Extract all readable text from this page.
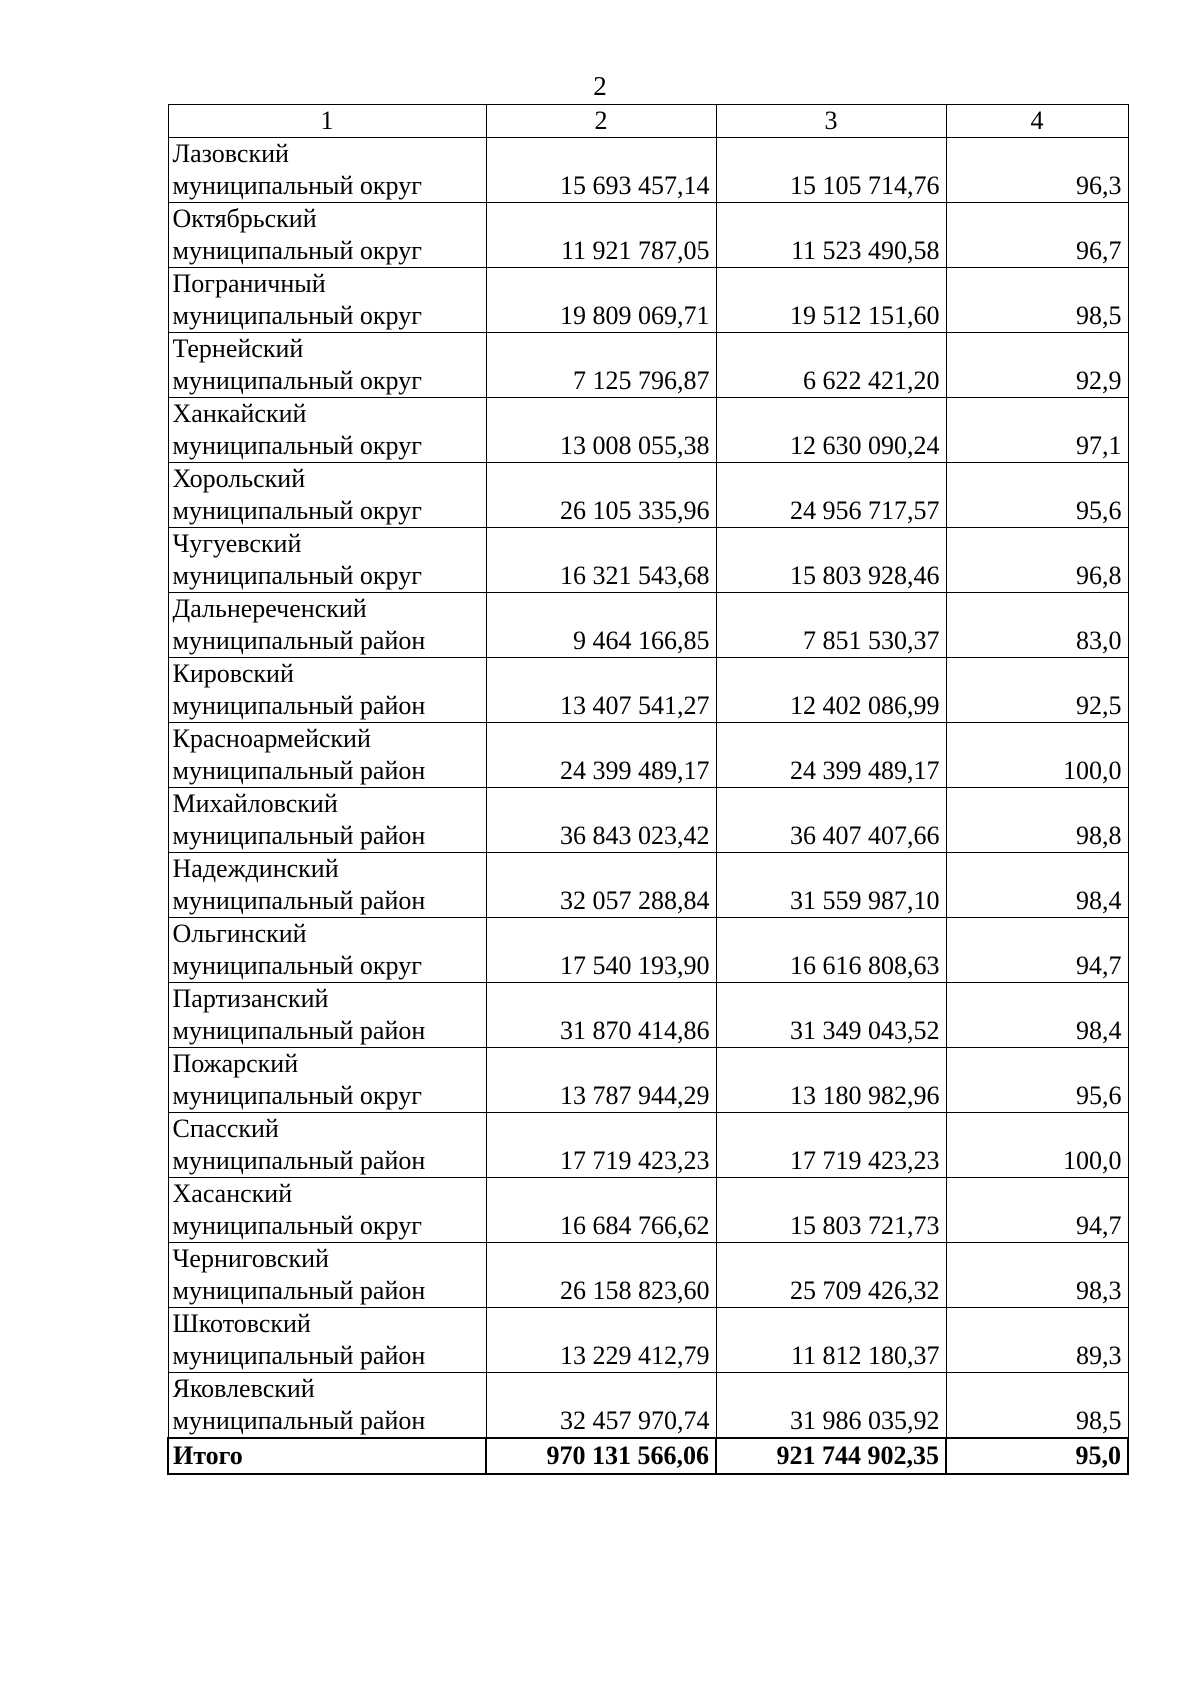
2
1	2	3	4

Лазовский
муниципальный округ	15 693 457,14	15 105 714,76	96,3

Октябрьский
муниципальный округ	11 921 787,05	11 523 490,58	96,7

Пограничный
муниципальный округ	19 809 069,71	19 512 151,60	98,5

Тернейский
муниципальный округ	7 125 796,87	6 622 421,20	92,9

Ханкайский
муниципальный округ	13 008 055,38	12 630 090,24	97,1

Хорольский
муниципальный округ	26 105 335,96	24 956 717,57	95,6

Чугуевский
муниципальный округ	16 321 543,68	15 803 928,46	96,8

Дальнереченский
муниципальный район	9 464 166,85	7 851 530,37	83,0

Кировский
муниципальный район	13 407 541,27	12 402 086,99	92,5

Красноармейский
муниципальный район	24 399 489,17	24 399 489,17	100,0

Михайловский
муниципальный район	36 843 023,42	36 407 407,66	98,8

Надеждинский
муниципальный район	32 057 288,84	31 559 987,10	98,4

Ольгинский
муниципальный округ	17 540 193,90	16 616 808,63	94,7

Партизанский
муниципальный район	31 870 414,86	31 349 043,52	98,4

Пожарский
муниципальный округ	13 787 944,29	13 180 982,96	95,6

Спасский
муниципальный район	17 719 423,23	17 719 423,23	100,0

Хасанский
муниципальный округ	16 684 766,62	15 803 721,73	94,7

Черниговский
муниципальный район	26 158 823,60	25 709 426,32	98,3

Шкотовский
муниципальный район	13 229 412,79	11 812 180,37	89,3

Яковлевский
муниципальный район	32 457 970,74	31 986 035,92	98,5
Итого	970 131 566,06	921 744 902,35	95,0
